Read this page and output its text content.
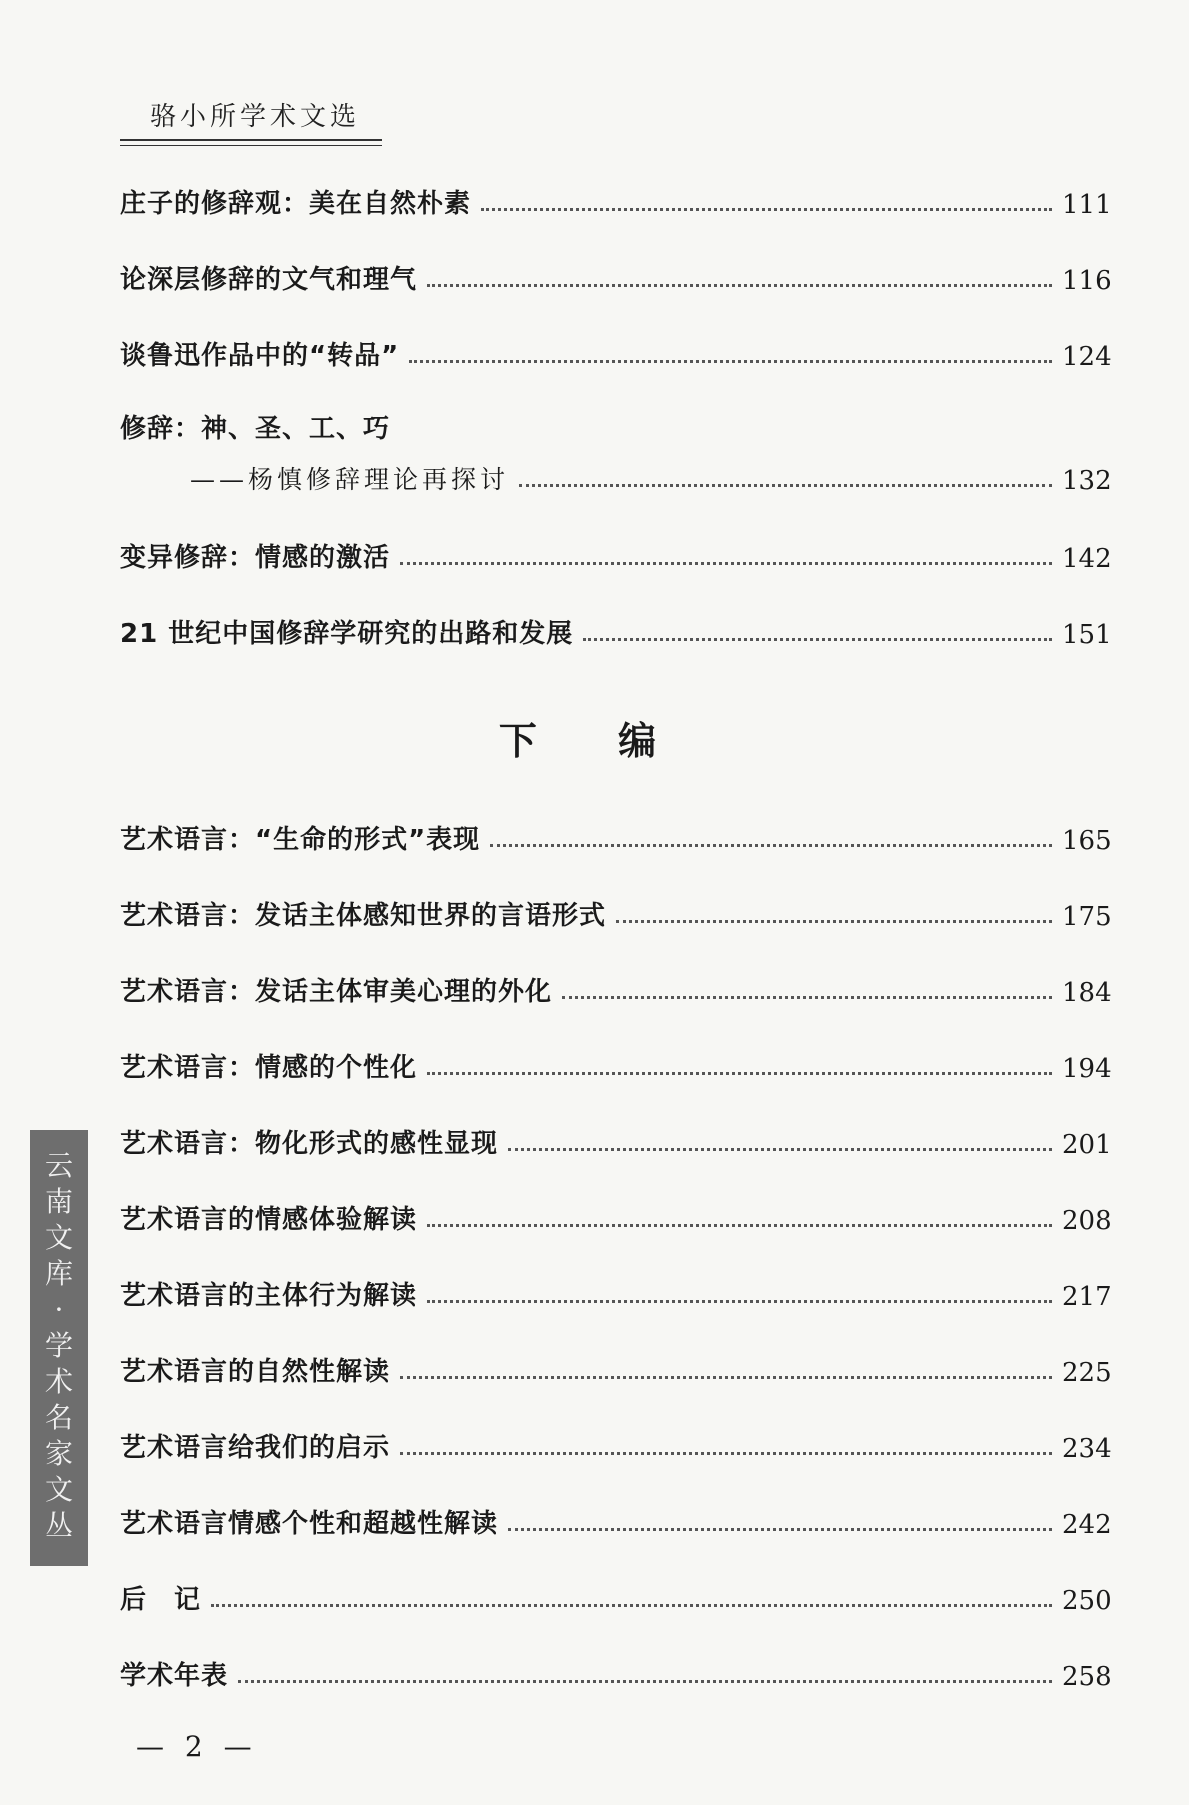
骆小所学术文选
庄子的修辞观：美在自然朴素	111
论深层修辞的文气和理气	116
谈鲁迅作品中的“转品”	124
修辞：神、圣、工、巧
——杨慎修辞理论再探讨	132
变异修辞：情感的激活	142
21 世纪中国修辞学研究的出路和发展	151
下 编
艺术语言：“生命的形式”表现	165
艺术语言：发话主体感知世界的言语形式	175
艺术语言：发话主体审美心理的外化	184
艺术语言：情感的个性化	194
艺术语言：物化形式的感性显现	201
艺术语言的情感体验解读	208
艺术语言的主体行为解读	217
艺术语言的自然性解读	225
艺术语言给我们的启示	234
艺术语言情感个性和超越性解读	242
后　记	250
学术年表	258
云
南
文
库
·
学
术
名
家
文
丛
— 2 —
